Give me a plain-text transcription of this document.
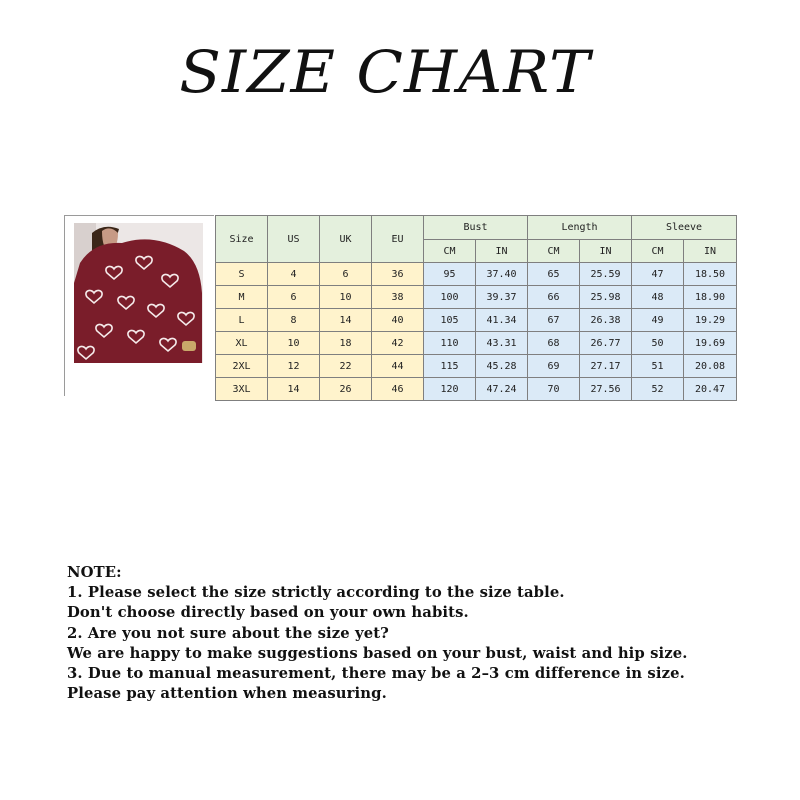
SIZE CHART
Size	US	UK	EU	Bust		Length		Sleeve	
				CM	IN	CM	IN	CM	IN
S	4	6	36	95	37.40	65	25.59	47	18.50
M	6	10	38	100	39.37	66	25.98	48	18.90
L	8	14	40	105	41.34	67	26.38	49	19.29
XL	10	18	42	110	43.31	68	26.77	50	19.69
2XL	12	22	44	115	45.28	69	27.17	51	20.08
3XL	14	26	46	120	47.24	70	27.56	52	20.47
NOTE:
1. Please select the size strictly according to the size table.
Don't choose directly based on your own habits.
2. Are you not sure about the size yet?
We are happy to make suggestions based on your bust, waist and hip size.
3. Due to manual measurement, there may be a 2–3 cm difference in size.
Please pay attention when measuring.
